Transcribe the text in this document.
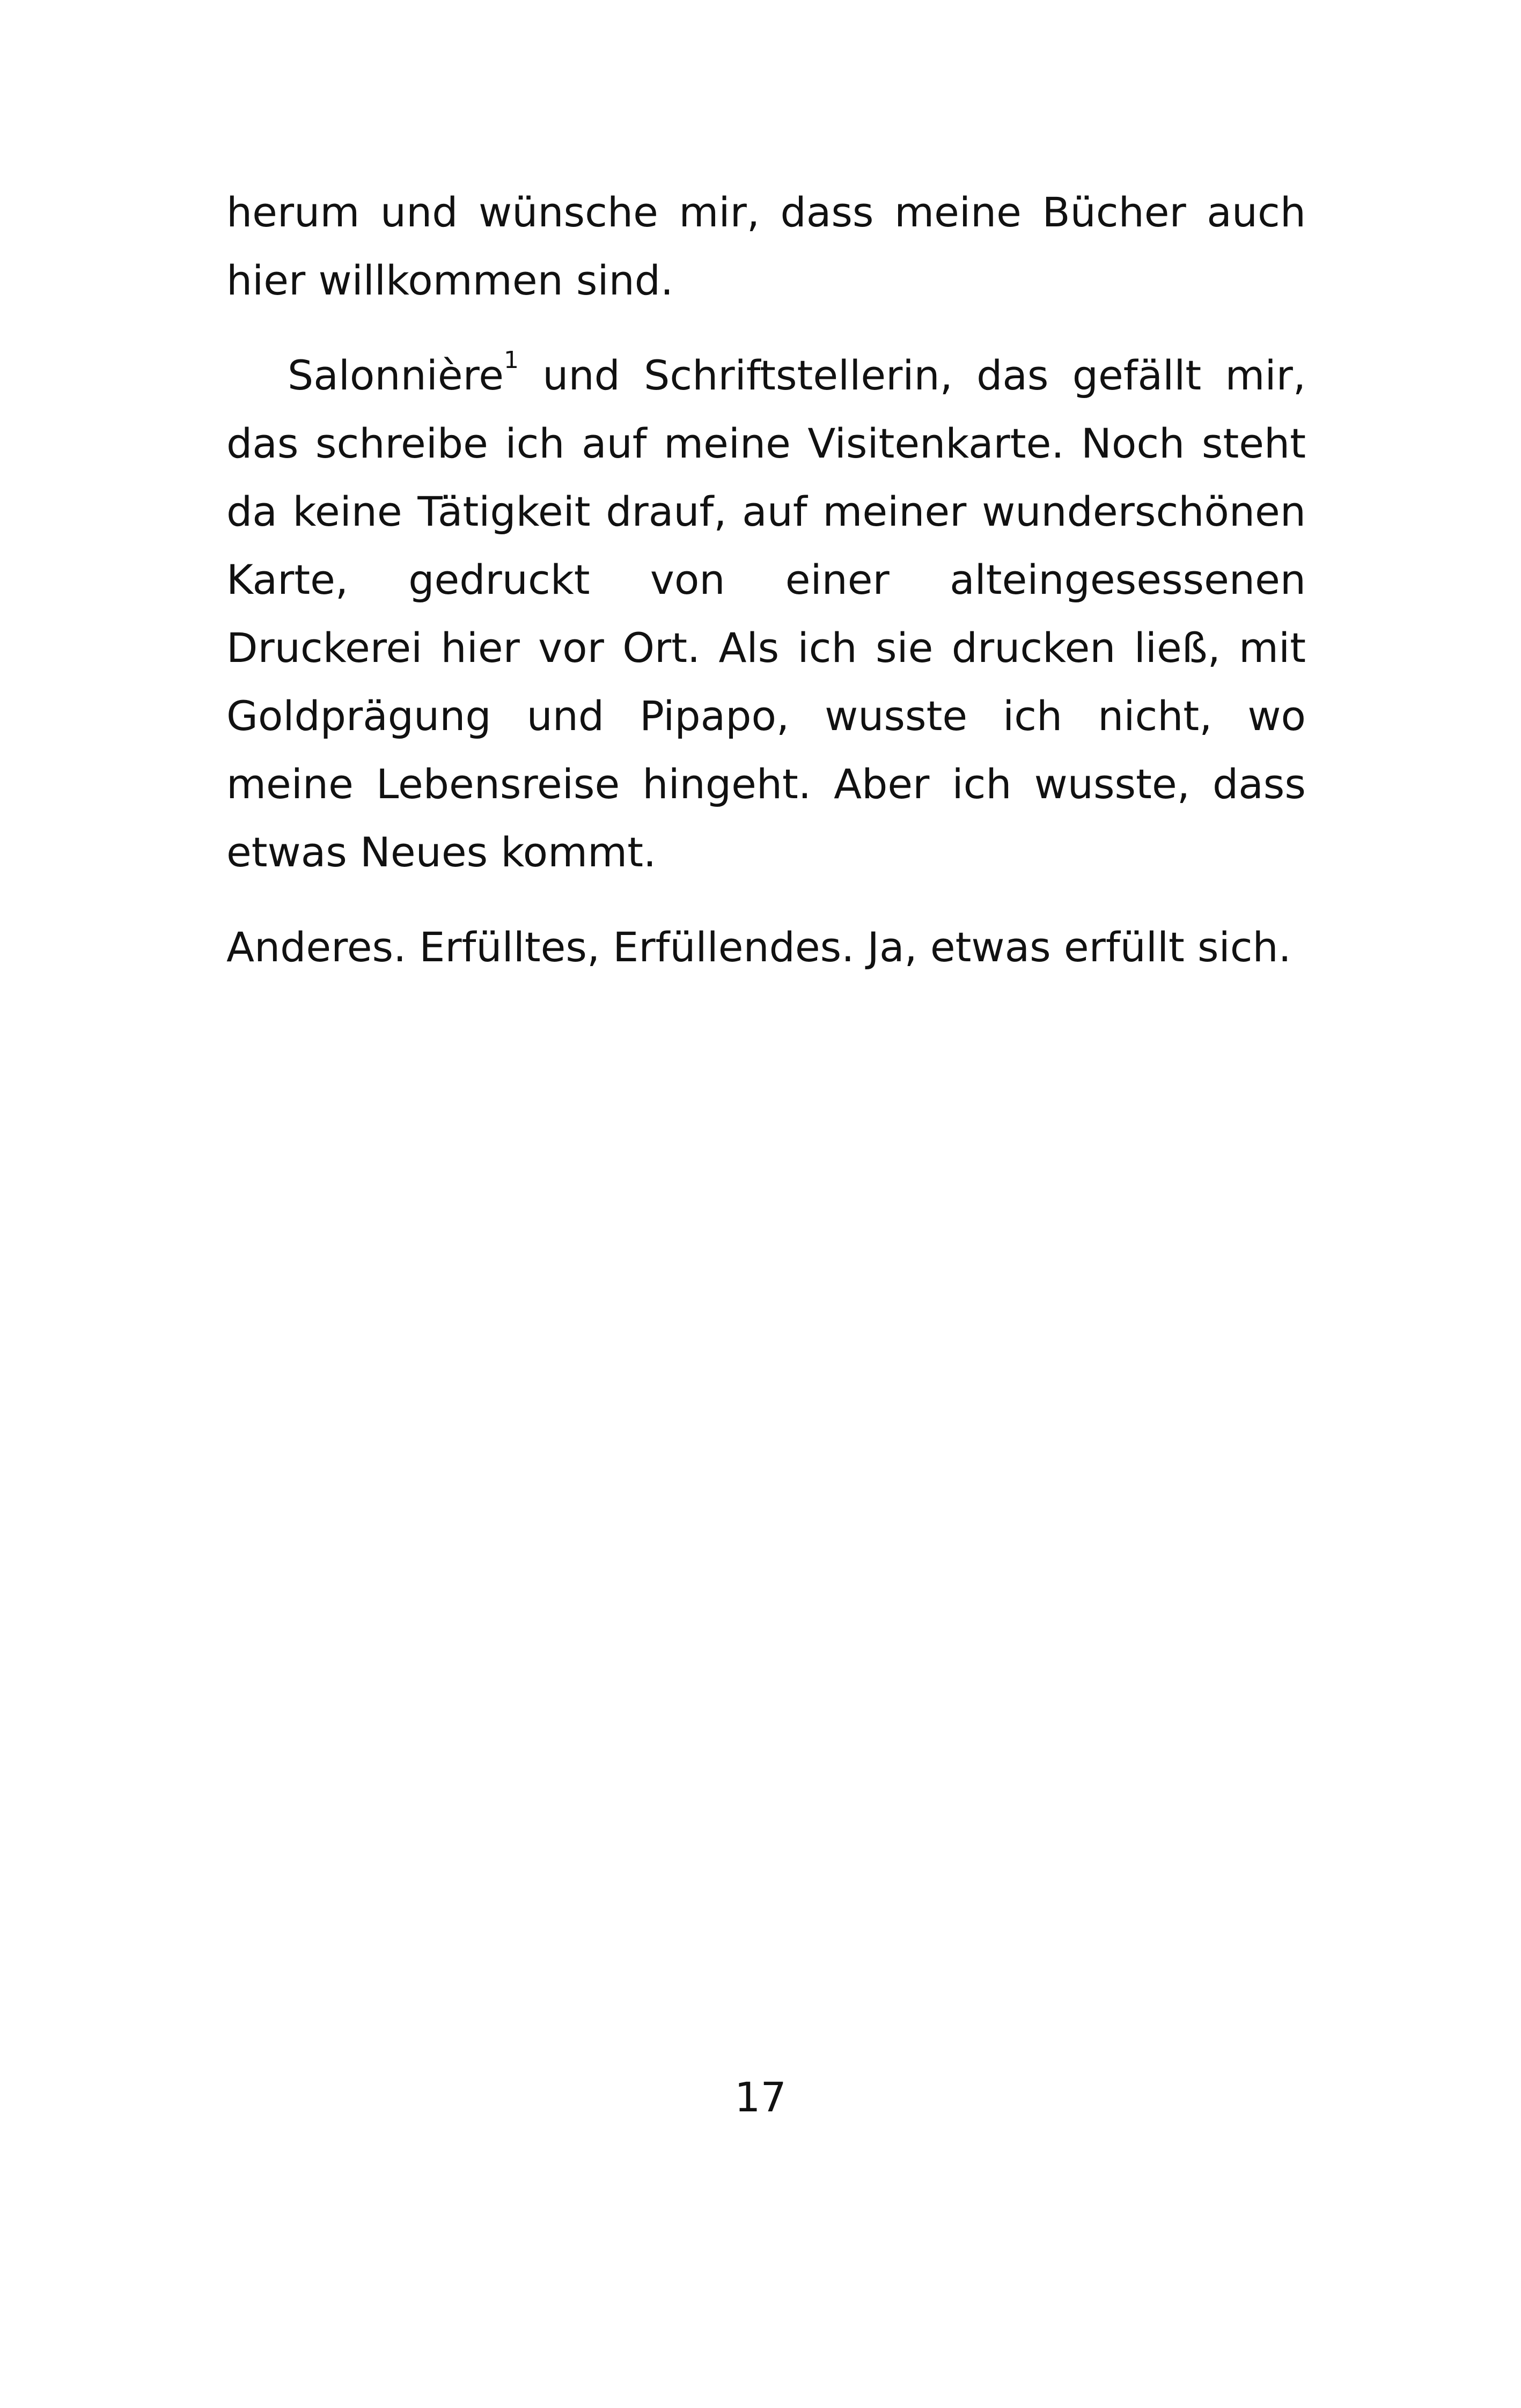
herum und wünsche mir, dass meine Bücher auch hier willkommen sind.

Salonnière$^1$ und Schriftstellerin, das gefällt mir, das schreibe ich auf meine Visitenkarte. Noch steht da keine Tätigkeit drauf, auf meiner wunderschönen Karte, gedruckt von einer alteingesessenen Druckerei hier vor Ort. Als ich sie drucken ließ, mit Goldprägung und Pipapo, wusste ich nicht, wo meine Lebensreise hingeht. Aber ich wusste, dass etwas Neues kommt.

Anderes. Erfülltes, Erfüllendes. Ja, etwas erfüllt sich.

17
